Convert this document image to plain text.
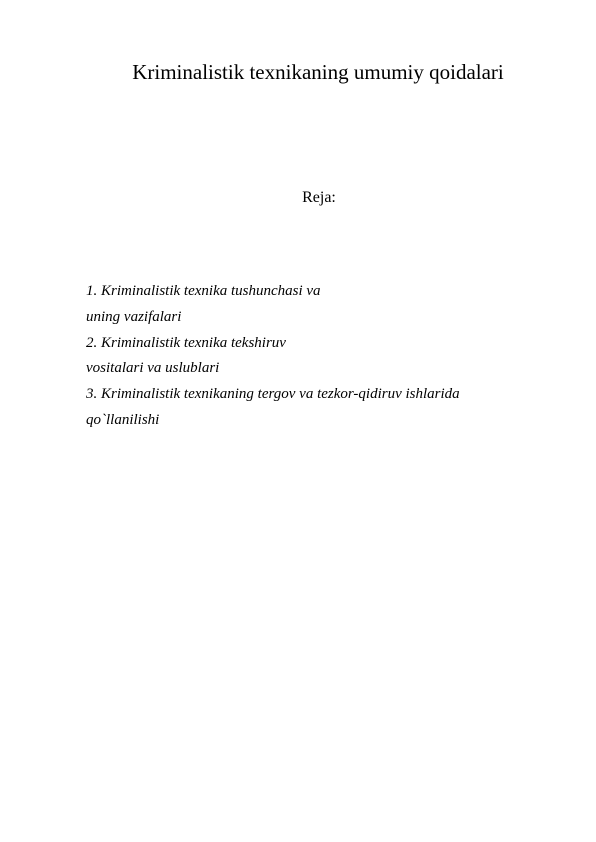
Kriminalistik texnikaning umumiy qoidalari
Reja:
1. Kriminalistik texnika tushunchasi va
uning vazifalari
2. Kriminalistik texnika tekshiruv
vositalari va uslublari
3. Kriminalistik texnikaning tergov va tezkor-qidiruv ishlarida
qo`llanilishi
